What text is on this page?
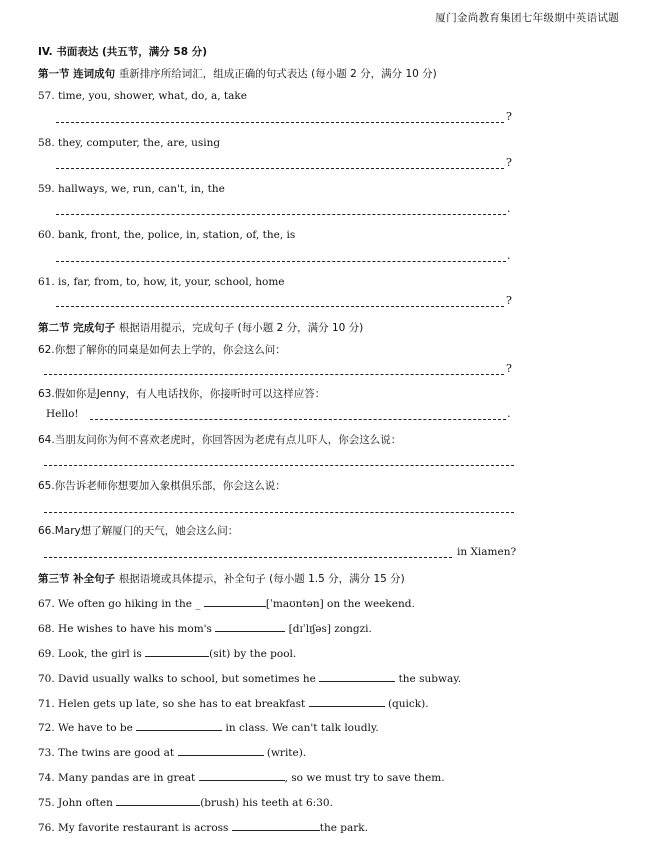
厦门金尚教育集团七年级期中英语试题
IV. 书面表达 (共五节，满分 58 分)
第一节 连词成句 重新排序所给词汇，组成正确的句式表达 (每小题 2 分，满分 10 分)
57. time, you, shower, what, do, a, take
?
58. they, computer, the, are, using
?
59. hallways, we, run, can't, in, the
.
60. bank, front, the, police, in, station, of, the, is
.
61. is, far, from, to, how, it, your, school, home
?
第二节 完成句子 根据语用提示，完成句子 (每小题 2 分，满分 10 分)
62.你想了解你的同桌是如何去上学的，你会这么问：
?
63.假如你是Jenny，有人电话找你，你接听时可以这样应答：
Hello!	.
64.当朋友问你为何不喜欢老虎时，你回答因为老虎有点儿吓人，你会这么说：
65.你告诉老师你想要加入象棋俱乐部，你会这么说：
66.Mary想了解厦门的天气，她会这么问：
in Xiamen?
第三节 补全句子 根据语境或具体提示，补全句子 (每小题 1.5 分，满分 15 分)
67. We often go hiking in the _	[ˈmaʊntən] on the weekend.
68. He wishes to have his mom's	[dɪˈlɪʃəs] zongzi.
69. Look, the girl is	(sit) by the pool.
70. David usually walks to school, but sometimes he	the subway.
71. Helen gets up late, so she has to eat breakfast	(quick).
72. We have to be	in class. We can't talk loudly.
73. The twins are good at	(write).
74. Many pandas are in great	, so we must try to save them.
75. John often	(brush) his teeth at 6:30.
76. My favorite restaurant is across	the park.
